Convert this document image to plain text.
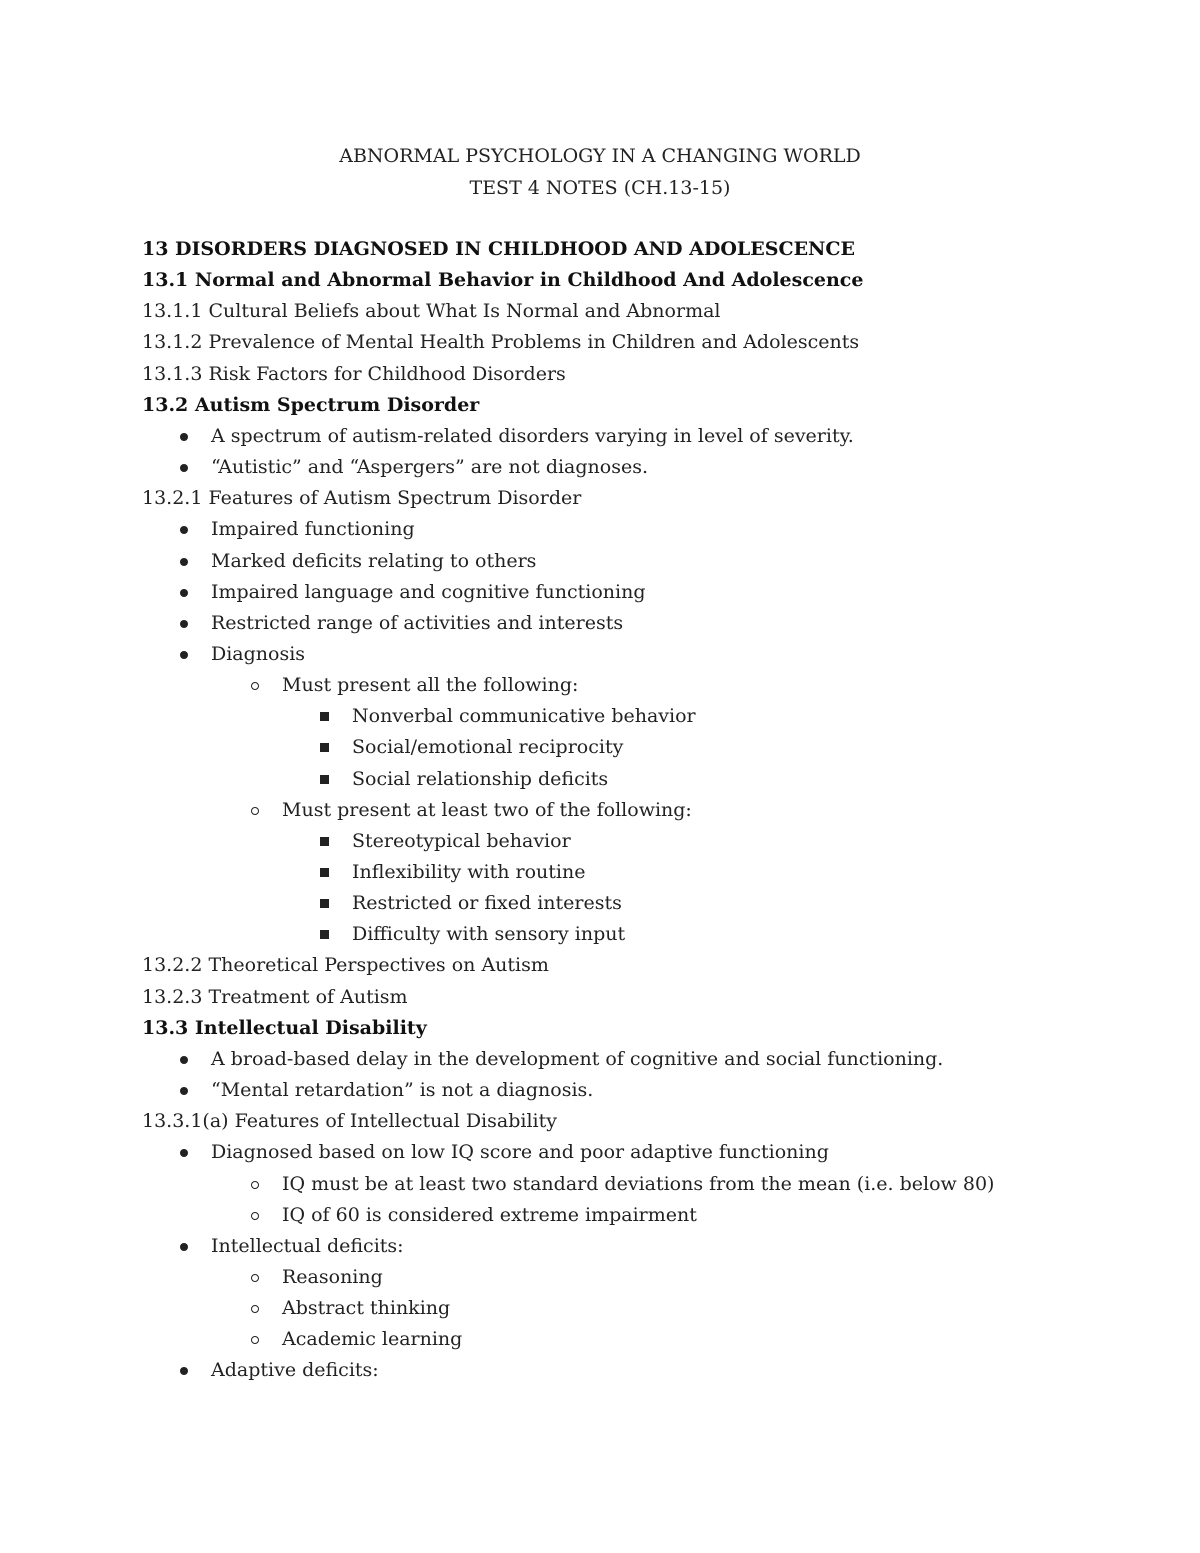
ABNORMAL PSYCHOLOGY IN A CHANGING WORLD

TEST 4 NOTES (CH.13-15)

13 DISORDERS DIAGNOSED IN CHILDHOOD AND ADOLESCENCE

13.1 Normal and Abnormal Behavior in Childhood And Adolescence

13.1.1 Cultural Beliefs about What Is Normal and Abnormal

13.1.2 Prevalence of Mental Health Problems in Children and Adolescents

13.1.3 Risk Factors for Childhood Disorders

13.2 Autism Spectrum Disorder

A spectrum of autism-related disorders varying in level of severity.

“Autistic” and “Aspergers” are not diagnoses.

13.2.1 Features of Autism Spectrum Disorder

Impaired functioning

Marked deficits relating to others

Impaired language and cognitive functioning

Restricted range of activities and interests

Diagnosis

Must present all the following:

Nonverbal communicative behavior

Social/emotional reciprocity

Social relationship deficits

Must present at least two of the following:

Stereotypical behavior

Inflexibility with routine

Restricted or fixed interests

Difficulty with sensory input

13.2.2 Theoretical Perspectives on Autism

13.2.3 Treatment of Autism

13.3 Intellectual Disability

A broad-based delay in the development of cognitive and social functioning.

“Mental retardation” is not a diagnosis.

13.3.1(a) Features of Intellectual Disability

Diagnosed based on low IQ score and poor adaptive functioning

IQ must be at least two standard deviations from the mean (i.e. below 80)

IQ of 60 is considered extreme impairment

Intellectual deficits:

Reasoning

Abstract thinking

Academic learning

Adaptive deficits:
